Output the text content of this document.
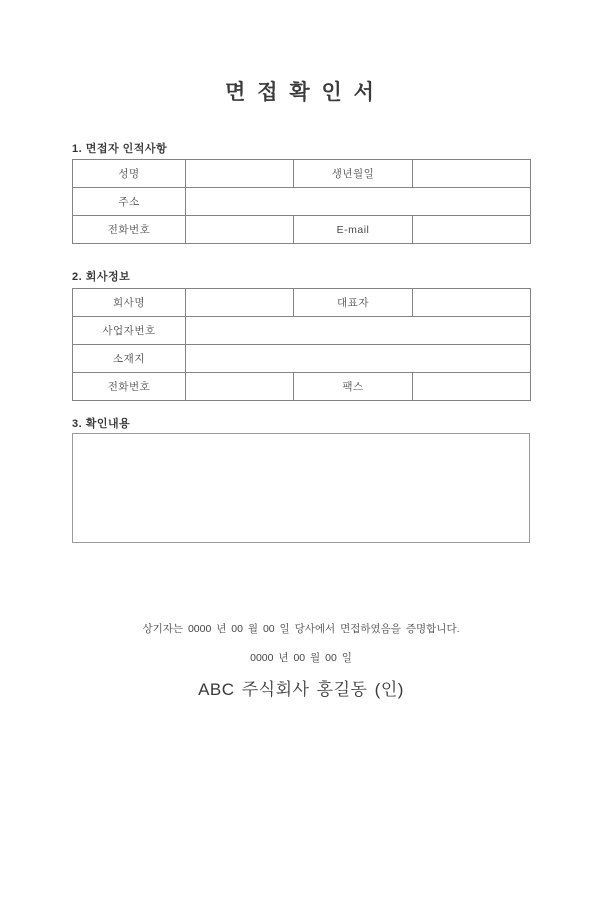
면 접 확 인 서
1. 면접자 인적사항
성명		생년월일	
주소			
전화번호		E-mail	
2. 회사정보
회사명		대표자	
사업자번호			
소재지			
전화번호		팩스	
3. 확인내용
상기자는 0000 년 00 월 00 일 당사에서 면접하였음을 증명합니다.
0000 년 00 월 00 일
ABC 주식회사 홍길동 (인)
